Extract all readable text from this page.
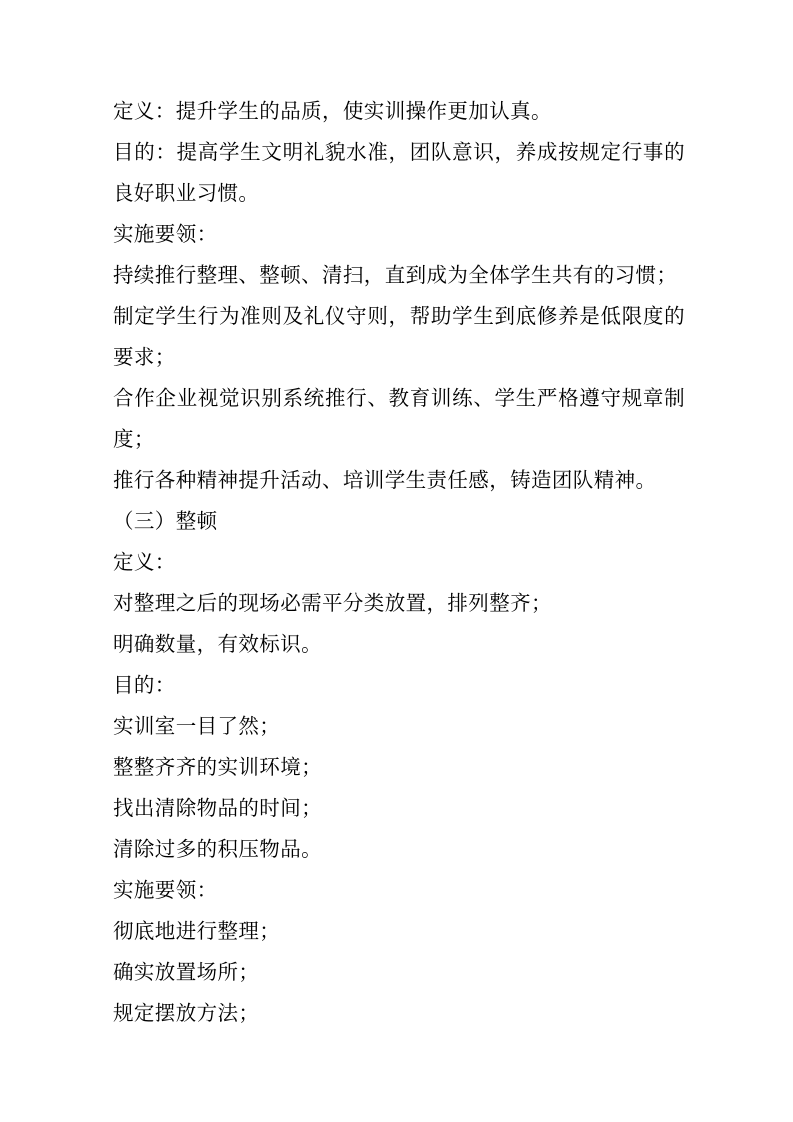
定义：提升学生的品质，使实训操作更加认真。

目的：提高学生文明礼貌水准，团队意识，养成按规定行事的良好职业习惯。

实施要领：

持续推行整理、整顿、清扫，直到成为全体学生共有的习惯；

制定学生行为准则及礼仪守则，帮助学生到底修养是低限度的要求；

合作企业视觉识别系统推行、教育训练、学生严格遵守规章制度；

推行各种精神提升活动、培训学生责任感，铸造团队精神。

（三）整顿

定义：

对整理之后的现场必需平分类放置，排列整齐；

明确数量，有效标识。

目的：

实训室一目了然；

整整齐齐的实训环境；

找出清除物品的时间；

清除过多的积压物品。

实施要领：

彻底地进行整理；

确实放置场所；

规定摆放方法；
